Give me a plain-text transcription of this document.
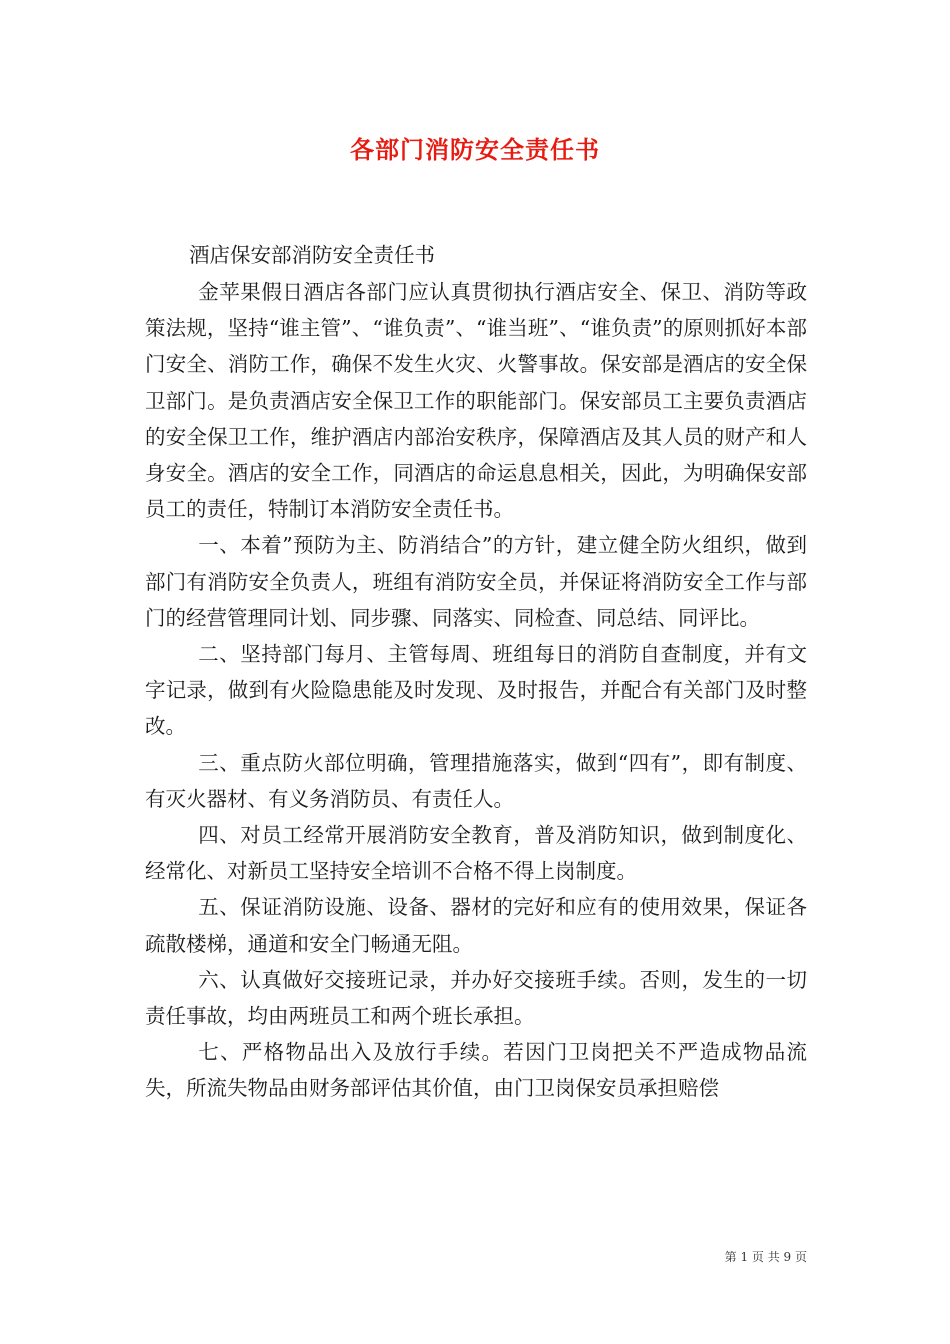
各部门消防安全责任书

酒店保安部消防安全责任书

金苹果假日酒店各部门应认真贯彻执行酒店安全、保卫、消防等政策法规，坚持“谁主管”、“谁负责”、“谁当班”、“谁负责”的原则抓好本部门安全、消防工作，确保不发生火灾、火警事故。保安部是酒店的安全保卫部门。是负责酒店安全保卫工作的职能部门。保安部员工主要负责酒店的安全保卫工作，维护酒店内部治安秩序，保障酒店及其人员的财产和人身安全。酒店的安全工作，同酒店的命运息息相关，因此，为明确保安部员工的责任，特制订本消防安全责任书。

一、本着”预防为主、防消结合”的方针，建立健全防火组织，做到部门有消防安全负责人，班组有消防安全员，并保证将消防安全工作与部门的经营管理同计划、同步骤、同落实、同检查、同总结、同评比。

二、坚持部门每月、主管每周、班组每日的消防自查制度，并有文字记录，做到有火险隐患能及时发现、及时报告，并配合有关部门及时整改。

三、重点防火部位明确，管理措施落实，做到“四有”，即有制度、有灭火器材、有义务消防员、有责任人。

四、对员工经常开展消防安全教育，普及消防知识，做到制度化、经常化、对新员工坚持安全培训不合格不得上岗制度。

五、保证消防设施、设备、器材的完好和应有的使用效果，保证各疏散楼梯，通道和安全门畅通无阻。

六、认真做好交接班记录，并办好交接班手续。否则，发生的一切责任事故，均由两班员工和两个班长承担。

七、严格物品出入及放行手续。若因门卫岗把关不严造成物品流失，所流失物品由财务部评估其价值，由门卫岗保安员承担赔偿

第 1 页 共 9 页
